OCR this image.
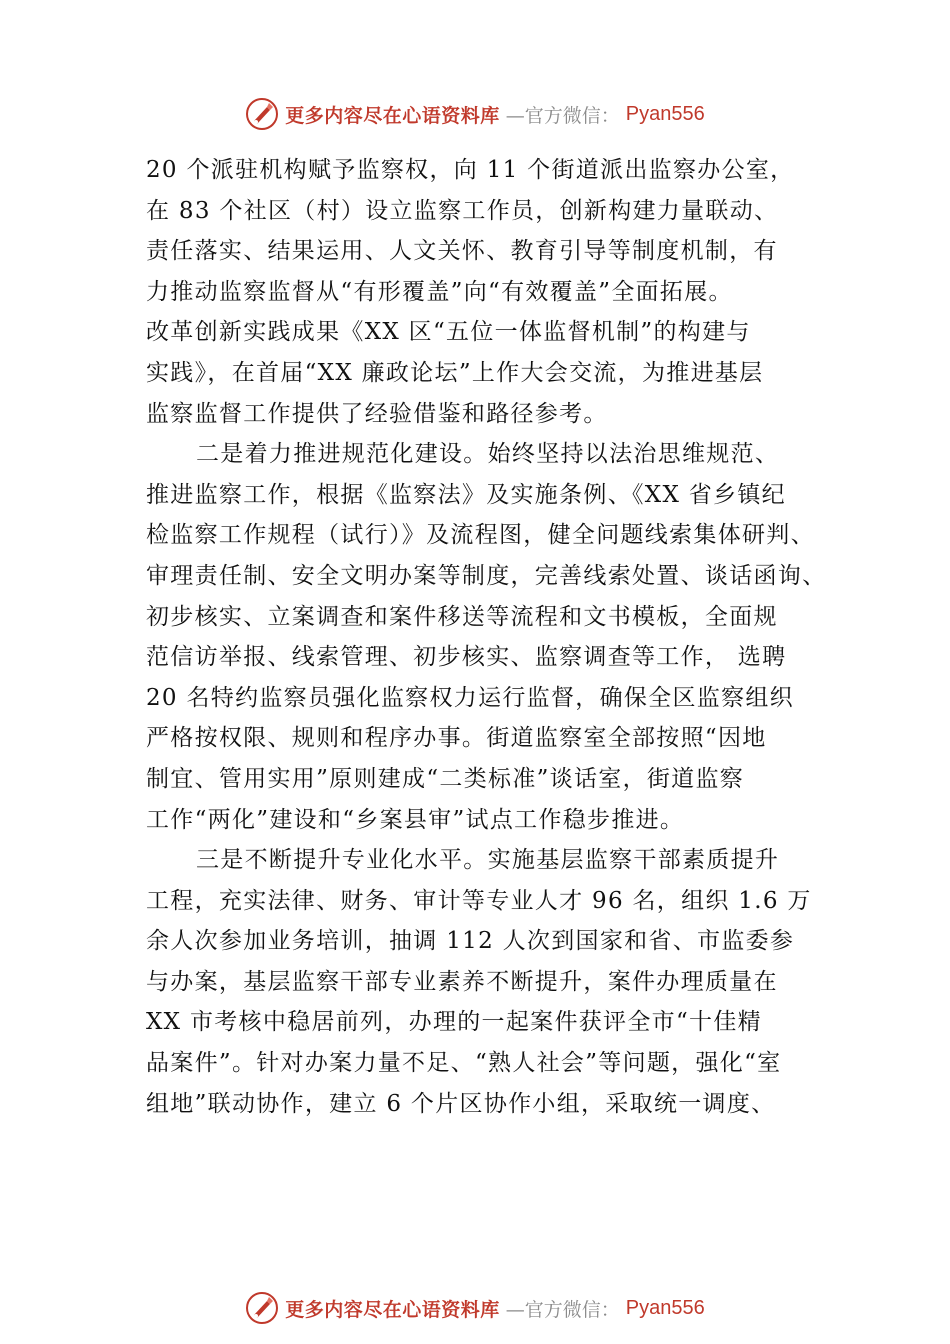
更多内容尽在心语资料库 —官方微信： Pyan556
20 个派驻机构赋予监察权，向 11 个街道派出监察办公室，
在 83 个社区（村）设立监察工作员，创新构建力量联动、
责任落实、结果运用、人文关怀、教育引导等制度机制，有
力推动监察监督从“有形覆盖”向“有效覆盖”全面拓展。
改革创新实践成果《XX 区“五位一体监督机制”的构建与
实践》，在首届“XX 廉政论坛”上作大会交流，为推进基层
监察监督工作提供了经验借鉴和路径参考。
二是着力推进规范化建设。始终坚持以法治思维规范、
推进监察工作，根据《监察法》及实施条例、《XX 省乡镇纪
检监察工作规程（试行）》及流程图，健全问题线索集体研判、
审理责任制、安全文明办案等制度，完善线索处置、谈话函询、
初步核实、立案调查和案件移送等流程和文书模板，全面规
范信访举报、线索管理、初步核实、监察调查等工作， 选聘
20 名特约监察员强化监察权力运行监督，确保全区监察组织
严格按权限、规则和程序办事。街道监察室全部按照“因地
制宜、管用实用”原则建成“二类标准”谈话室，街道监察
工作“两化”建设和“乡案县审”试点工作稳步推进。
三是不断提升专业化水平。实施基层监察干部素质提升
工程，充实法律、财务、审计等专业人才 96 名，组织 1.6 万
余人次参加业务培训，抽调 112 人次到国家和省、市监委参
与办案，基层监察干部专业素养不断提升，案件办理质量在
XX 市考核中稳居前列，办理的一起案件获评全市“十佳精
品案件”。针对办案力量不足、“熟人社会”等问题，强化“室
组地”联动协作，建立 6 个片区协作小组，采取统一调度、
更多内容尽在心语资料库 —官方微信： Pyan556
